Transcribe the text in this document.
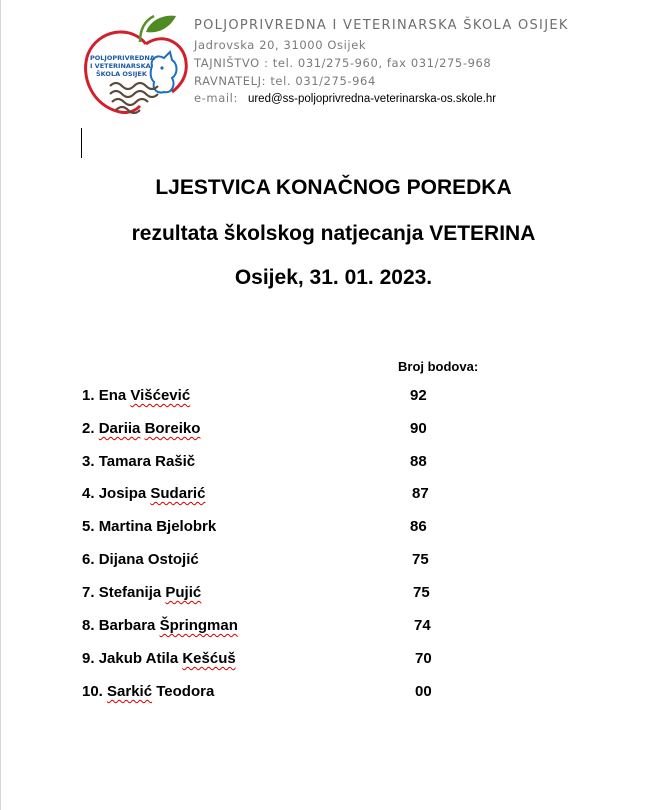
POLJOPRIVREDNA
I VETERINARSKA
ŠKOLA OSIJEK
POLJOPRIVREDNA I VETERINARSKA ŠKOLA OSIJEK
Jadrovska 20, 31000 Osijek
TAJNIŠTVO : tel. 031/275-960, fax 031/275-968
RAVNATELJ: tel. 031/275-964
e-mail: ured@ss-poljoprivredna-veterinarska-os.skole.hr
LJESTVICA KONAČNOG POREDKA
rezultata školskog natjecanja VETERINA
Osijek, 31. 01. 2023.
Broj bodova:
1. Ena Višćević	92
2. Dariia Boreiko	90
3. Tamara Rašič	88
4. Josipa Sudarić	87
5. Martina Bjelobrk	86
6. Dijana Ostojić	75
7. Stefanija Pujić	75
8. Barbara Špringman	74
9. Jakub Atila Kešćuš	70
10. Sarkić Teodora	00
